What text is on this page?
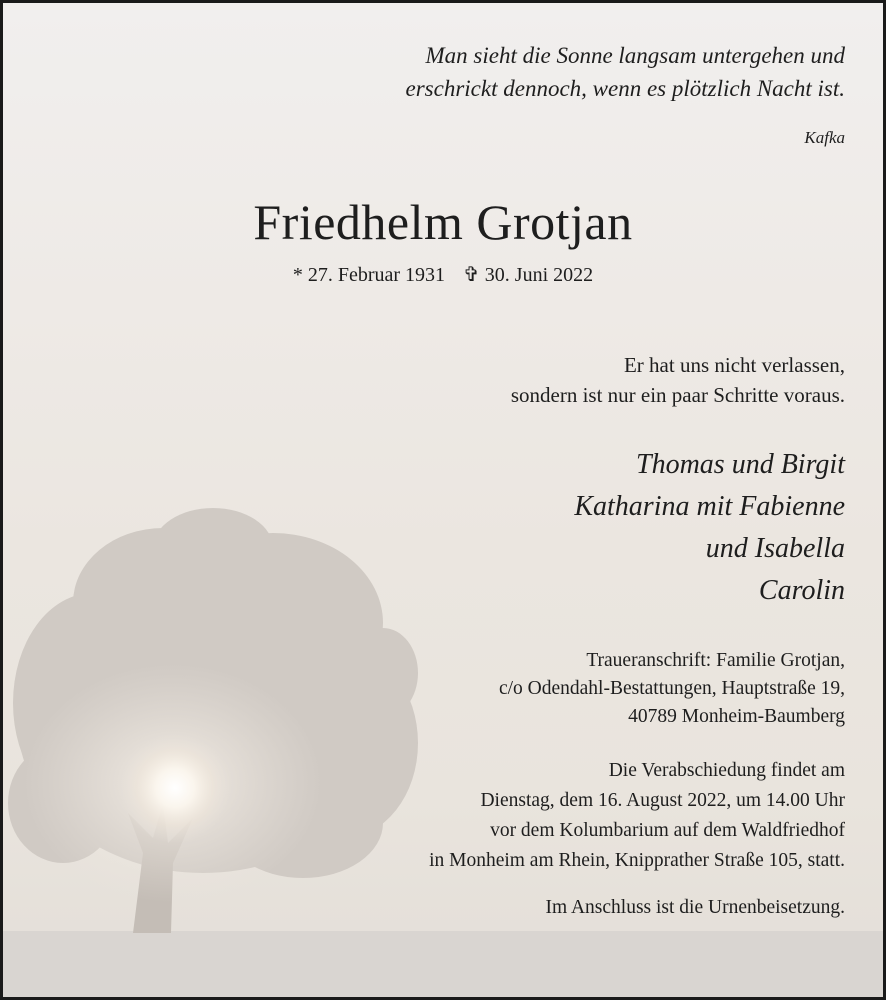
Man sieht die Sonne langsam untergehen und
erschrickt dennoch, wenn es plötzlich Nacht ist.
Kafka
Friedhelm Grotjan
* 27. Februar 1931 ✞ 30. Juni 2022
Er hat uns nicht verlassen,
sondern ist nur ein paar Schritte voraus.
Thomas und Birgit
Katharina mit Fabienne
und Isabella
Carolin
Traueranschrift: Familie Grotjan,
c/o Odendahl-Bestattungen, Hauptstraße 19,
40789 Monheim-Baumberg
Die Verabschiedung findet am
Dienstag, dem 16. August 2022, um 14.00 Uhr
vor dem Kolumbarium auf dem Waldfriedhof
in Monheim am Rhein, Knipprather Straße 105, statt.
Im Anschluss ist die Urnenbeisetzung.
